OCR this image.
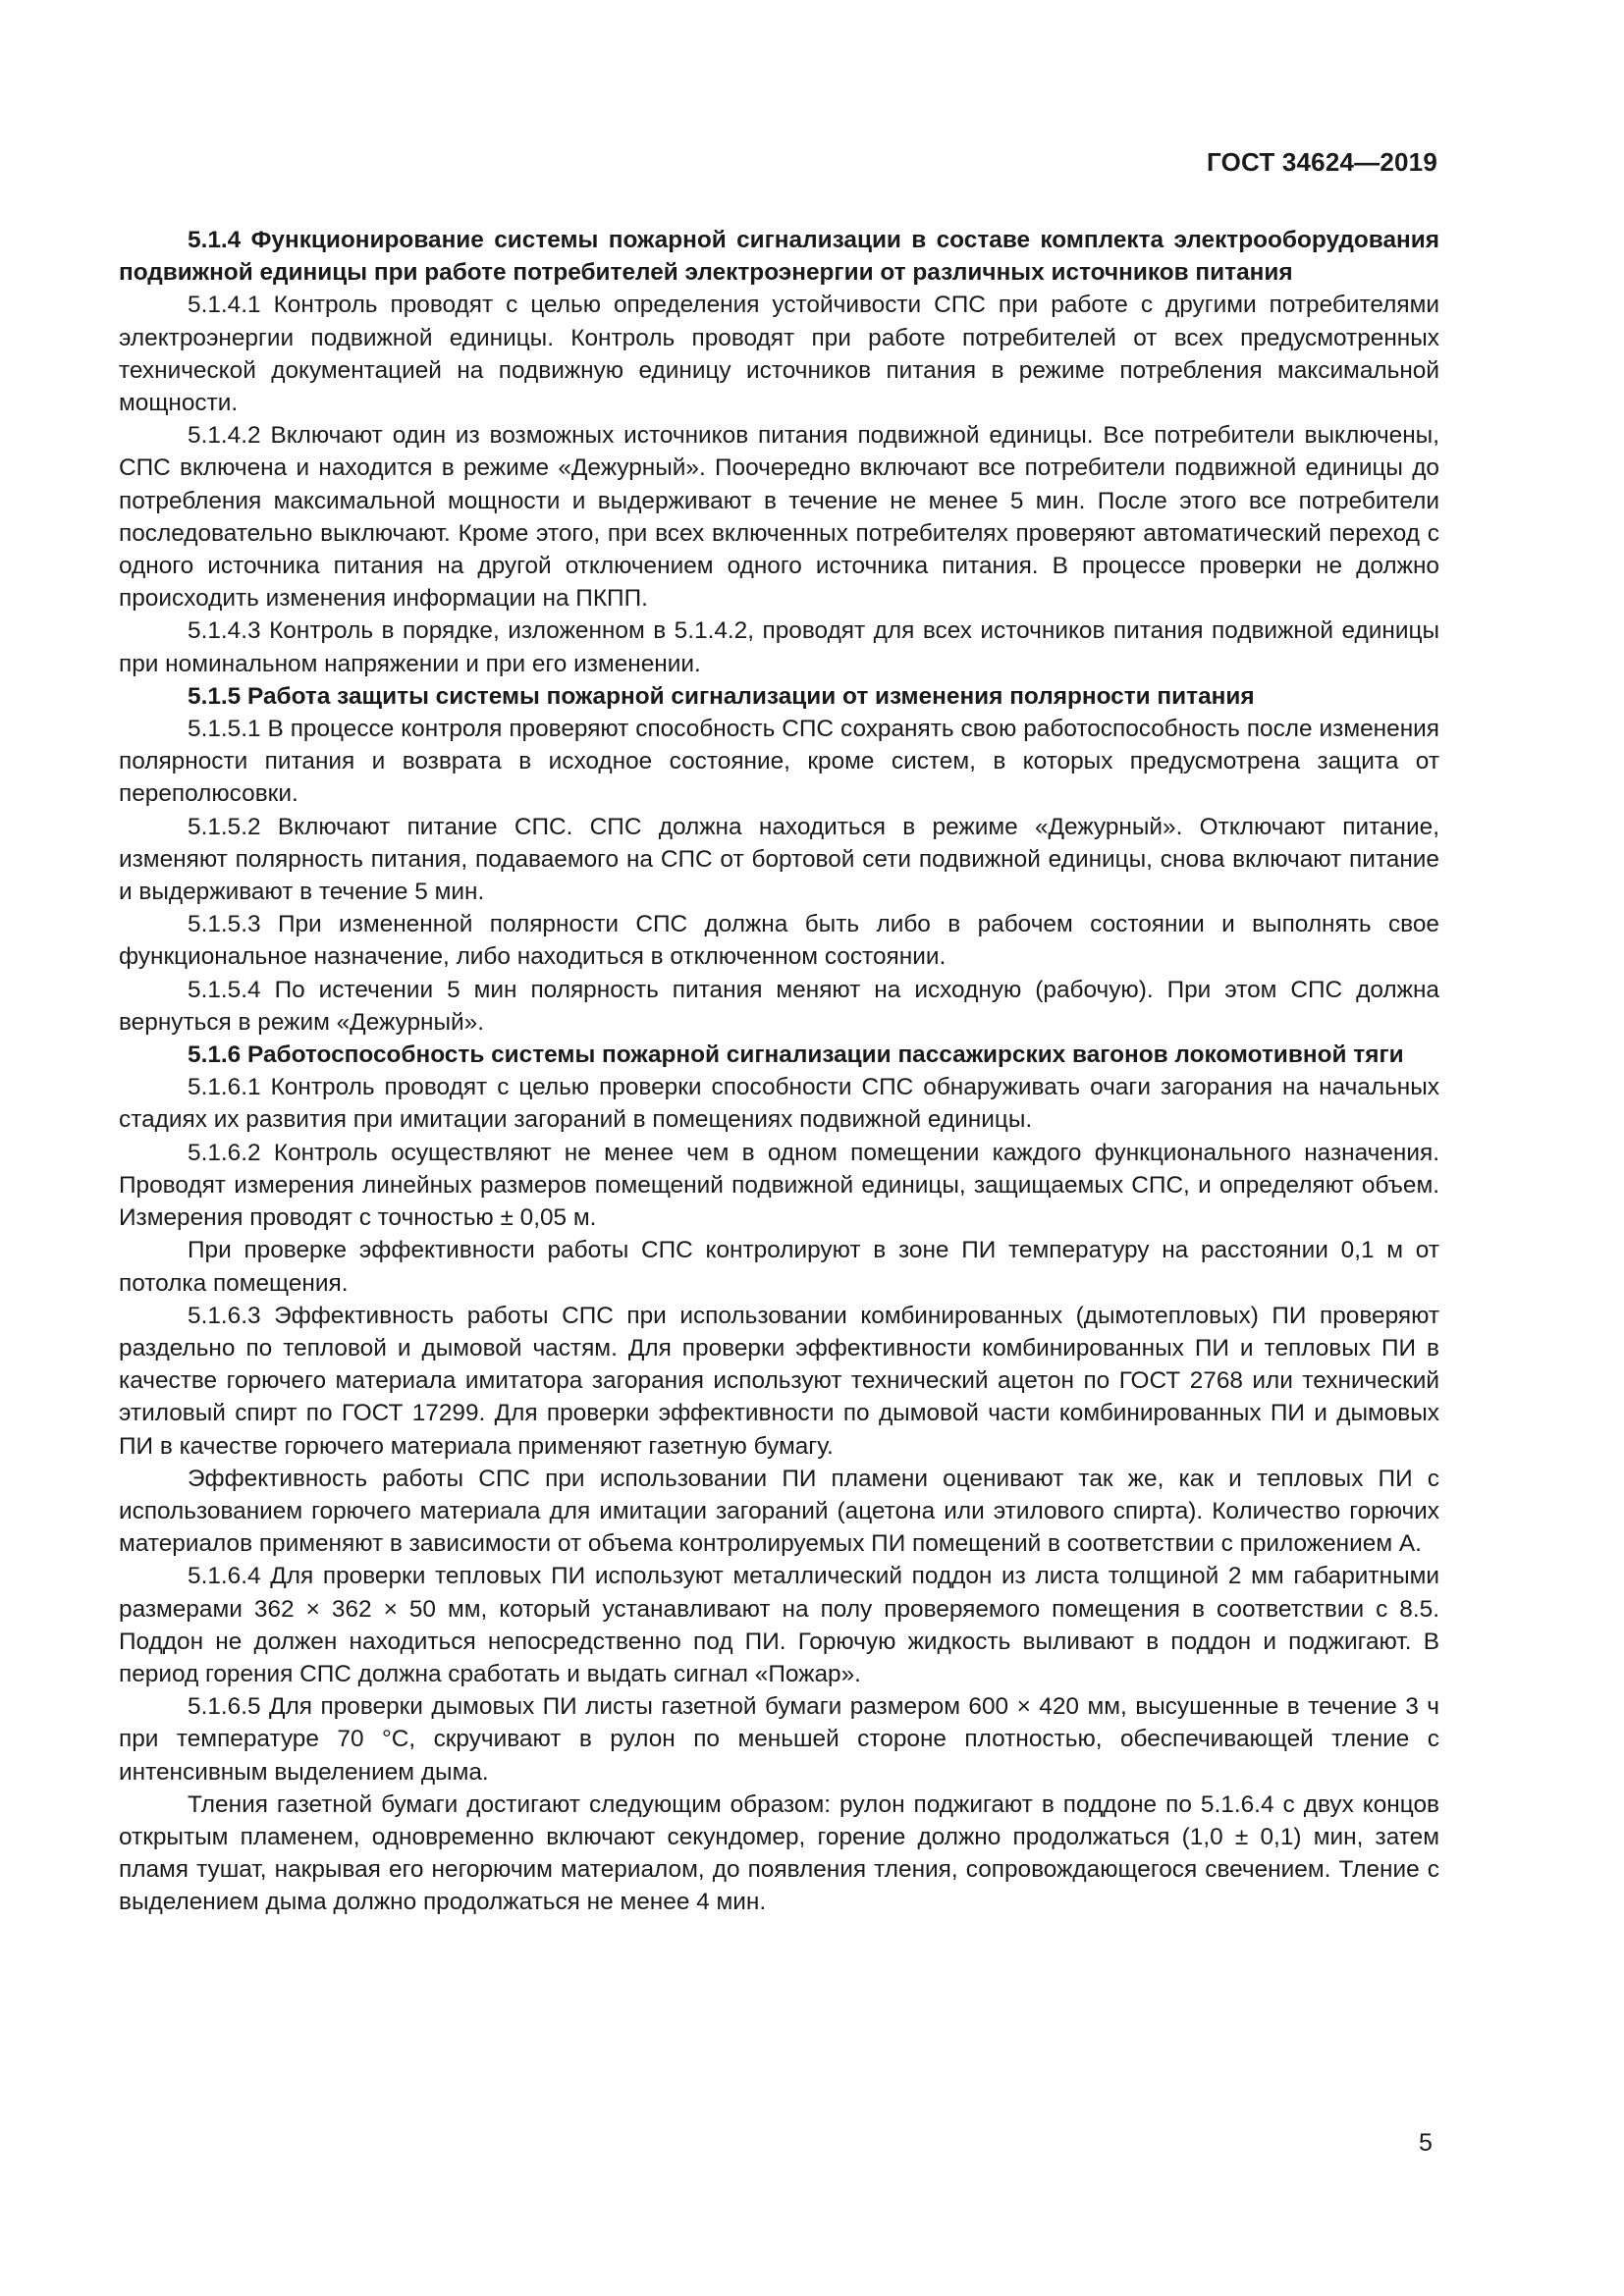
ГОСТ 34624—2019

5.1.4 Функционирование системы пожарной сигнализации в составе комплекта электрооборудования подвижной единицы при работе потребителей электроэнергии от различных источников питания

5.1.4.1 Контроль проводят с целью определения устойчивости СПС при работе с другими потребителями электроэнергии подвижной единицы. Контроль проводят при работе потребителей от всех предусмотренных технической документацией на подвижную единицу источников питания в режиме потребления максимальной мощности.

5.1.4.2 Включают один из возможных источников питания подвижной единицы. Все потребители выключены, СПС включена и находится в режиме «Дежурный». Поочередно включают все потребители подвижной единицы до потребления максимальной мощности и выдерживают в течение не менее 5 мин. После этого все потребители последовательно выключают. Кроме этого, при всех включенных потребителях проверяют автоматический переход с одного источника питания на другой отключением одного источника питания. В процессе проверки не должно происходить изменения информации на ПКПП.

5.1.4.3 Контроль в порядке, изложенном в 5.1.4.2, проводят для всех источников питания подвижной единицы при номинальном напряжении и при его изменении.

5.1.5 Работа защиты системы пожарной сигнализации от изменения полярности питания

5.1.5.1 В процессе контроля проверяют способность СПС сохранять свою работоспособность после изменения полярности питания и возврата в исходное состояние, кроме систем, в которых предусмотрена защита от переполюсовки.

5.1.5.2 Включают питание СПС. СПС должна находиться в режиме «Дежурный». Отключают питание, изменяют полярность питания, подаваемого на СПС от бортовой сети подвижной единицы, снова включают питание и выдерживают в течение 5 мин.

5.1.5.3 При измененной полярности СПС должна быть либо в рабочем состоянии и выполнять свое функциональное назначение, либо находиться в отключенном состоянии.

5.1.5.4 По истечении 5 мин полярность питания меняют на исходную (рабочую). При этом СПС должна вернуться в режим «Дежурный».

5.1.6 Работоспособность системы пожарной сигнализации пассажирских вагонов локомотивной тяги

5.1.6.1 Контроль проводят с целью проверки способности СПС обнаруживать очаги загорания на начальных стадиях их развития при имитации загораний в помещениях подвижной единицы.

5.1.6.2 Контроль осуществляют не менее чем в одном помещении каждого функционального назначения. Проводят измерения линейных размеров помещений подвижной единицы, защищаемых СПС, и определяют объем. Измерения проводят с точностью ± 0,05 м.

При проверке эффективности работы СПС контролируют в зоне ПИ температуру на расстоянии 0,1 м от потолка помещения.

5.1.6.3 Эффективность работы СПС при использовании комбинированных (дымотепловых) ПИ проверяют раздельно по тепловой и дымовой частям. Для проверки эффективности комбинированных ПИ и тепловых ПИ в качестве горючего материала имитатора загорания используют технический ацетон по ГОСТ 2768 или технический этиловый спирт по ГОСТ 17299. Для проверки эффективности по дымовой части комбинированных ПИ и дымовых ПИ в качестве горючего материала применяют газетную бумагу.

Эффективность работы СПС при использовании ПИ пламени оценивают так же, как и тепловых ПИ с использованием горючего материала для имитации загораний (ацетона или этилового спирта). Количество горючих материалов применяют в зависимости от объема контролируемых ПИ помещений в соответствии с приложением А.

5.1.6.4 Для проверки тепловых ПИ используют металлический поддон из листа толщиной 2 мм габаритными размерами 362 × 362 × 50 мм, который устанавливают на полу проверяемого помещения в соответствии с 8.5. Поддон не должен находиться непосредственно под ПИ. Горючую жидкость выливают в поддон и поджигают. В период горения СПС должна сработать и выдать сигнал «Пожар».

5.1.6.5 Для проверки дымовых ПИ листы газетной бумаги размером 600 × 420 мм, высушенные в течение 3 ч при температуре 70 °С, скручивают в рулон по меньшей стороне плотностью, обеспечивающей тление с интенсивным выделением дыма.

Тления газетной бумаги достигают следующим образом: рулон поджигают в поддоне по 5.1.6.4 с двух концов открытым пламенем, одновременно включают секундомер, горение должно продолжаться (1,0 ± 0,1) мин, затем пламя тушат, накрывая его негорючим материалом, до появления тления, сопровождающегося свечением. Тление с выделением дыма должно продолжаться не менее 4 мин.

5
